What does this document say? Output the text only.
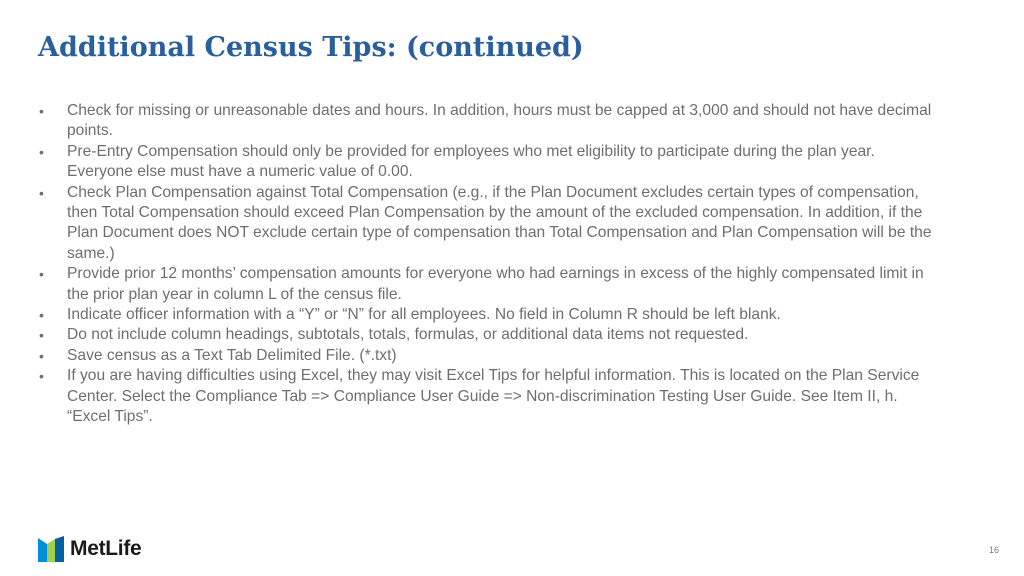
Additional Census Tips: (continued)
• Check for missing or unreasonable dates and hours. In addition, hours must be capped at 3,000 and should not have decimal points.
• Pre-Entry Compensation should only be provided for employees who met eligibility to participate during the plan year. Everyone else must have a numeric value of 0.00.
• Check Plan Compensation against Total Compensation (e.g., if the Plan Document excludes certain types of compensation, then Total Compensation should exceed Plan Compensation by the amount of the excluded compensation. In addition, if the Plan Document does NOT exclude certain type of compensation than Total Compensation and Plan Compensation will be the same.)
• Provide prior 12 months’ compensation amounts for everyone who had earnings in excess of the highly compensated limit in the prior plan year in column L of the census file.
• Indicate officer information with a “Y” or “N” for all employees. No field in Column R should be left blank.
• Do not include column headings, subtotals, totals, formulas, or additional data items not requested.
• Save census as a Text Tab Delimited File. (*.txt)
• If you are having difficulties using Excel, they may visit Excel Tips for helpful information. This is located on the Plan Service Center. Select the Compliance Tab => Compliance User Guide => Non-discrimination Testing User Guide. See Item II, h. “Excel Tips”.
MetLife	16
